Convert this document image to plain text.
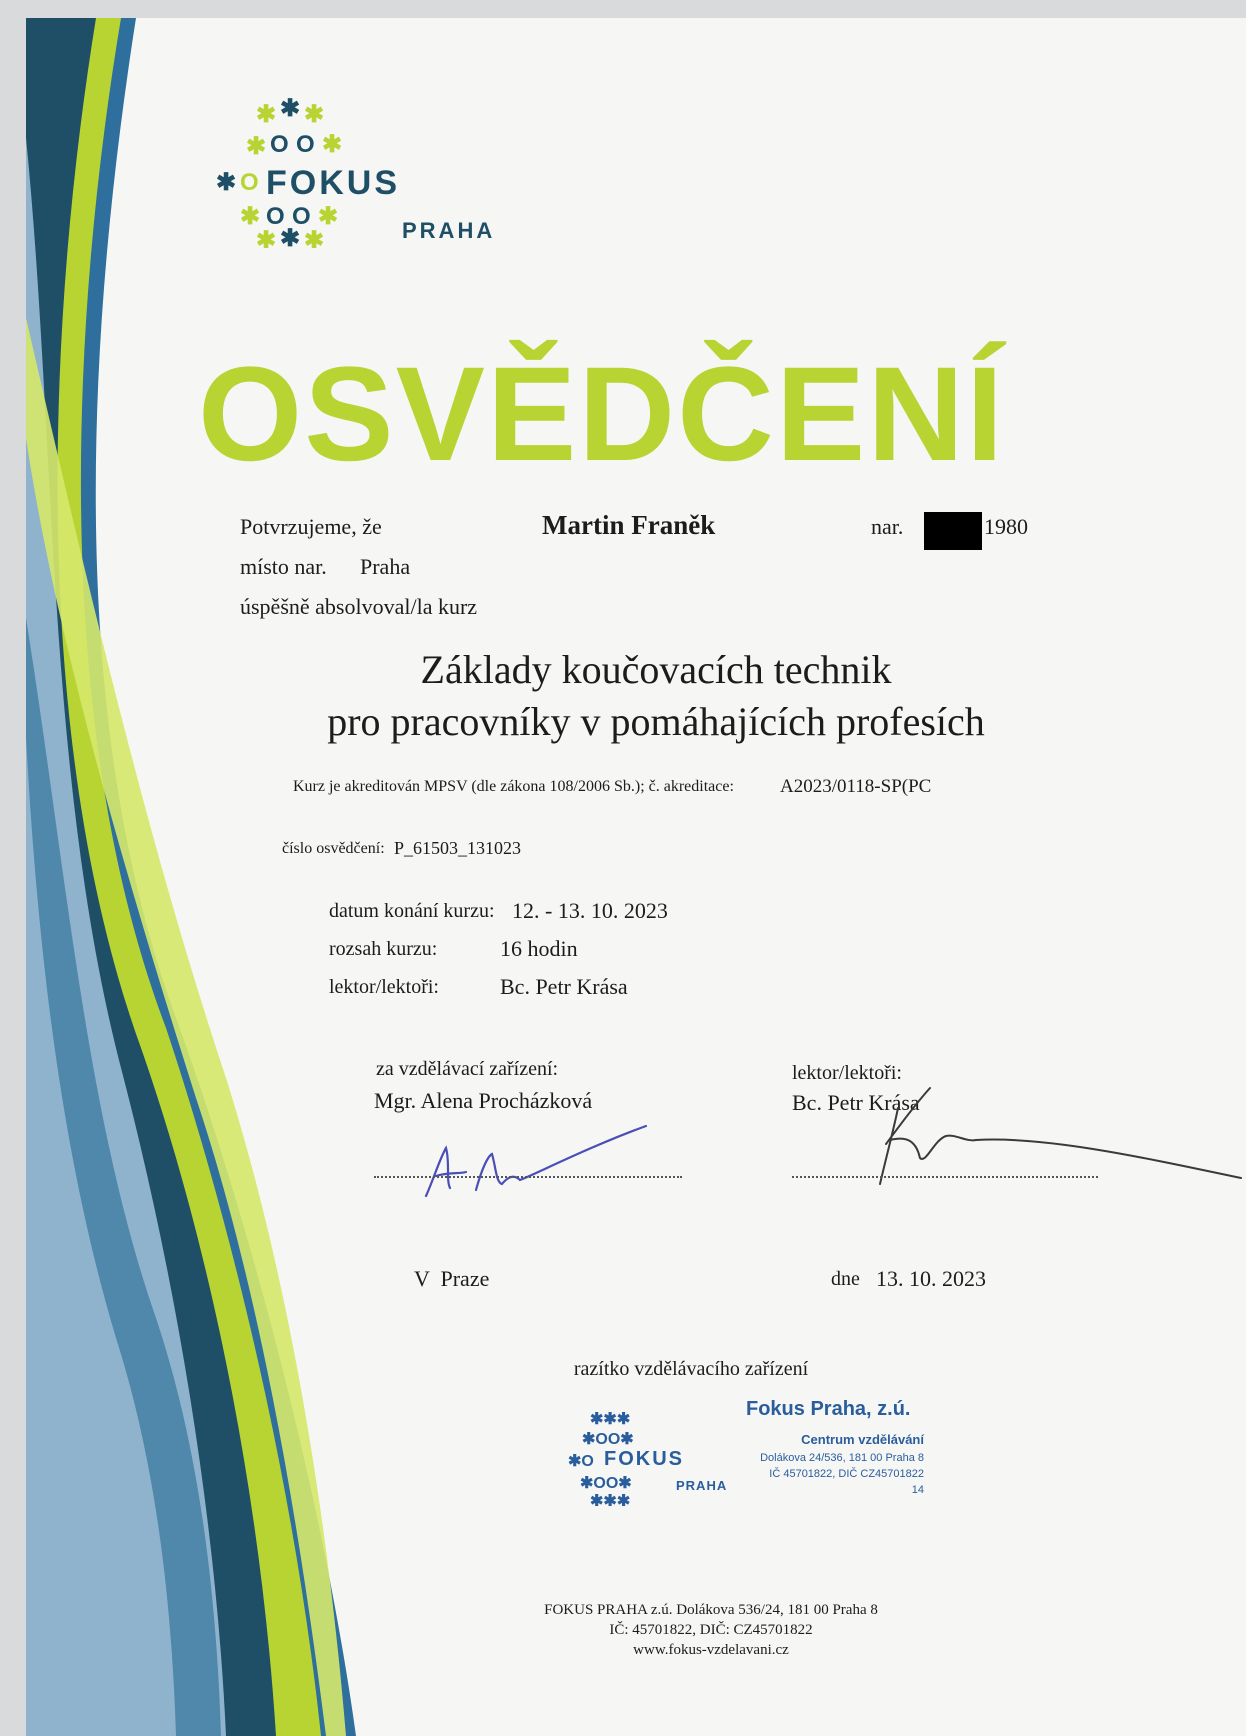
✱ ✱ ✱
✱ O O ✱
✱ O
✱ O O ✱
✱ ✱ ✱
FOKUS
PRAHA
OSVĚDČENÍ
Potvrzujeme, že	Martin Franěk	nar.	1980
místo nar. Praha
úspěšně absolvoval/la kurz
Základy koučovacích technik
pro pracovníky v pomáhajících profesích
Kurz je akreditován MPSV (dle zákona 108/2006 Sb.); č. akreditace: A2023/0118-SP(PC
číslo osvědčení: P_61503_131023
datum konání kurzu: 12. - 13. 10. 2023
rozsah kurzu:	16 hodin
lektor/lektoři:	Bc. Petr Krása
za vzdělávací zařízení:
Mgr. Alena Procházková
lektor/lektoři:
Bc. Petr Krása
V  Praze	dne 13. 10. 2023
razítko vzdělávacího zařízení
✱✱✱
✱OO✱
✱O
✱OO✱
✱✱✱
FOKUS
PRAHA
Fokus Praha, z.ú.
Centrum vzdělávání
Dolákova 24/536, 181 00 Praha 8
IČ 45701822, DIČ CZ45701822
14
FOKUS PRAHA z.ú. Dolákova 536/24, 181 00 Praha 8
IČ: 45701822, DIČ: CZ45701822
www.fokus-vzdelavani.cz
